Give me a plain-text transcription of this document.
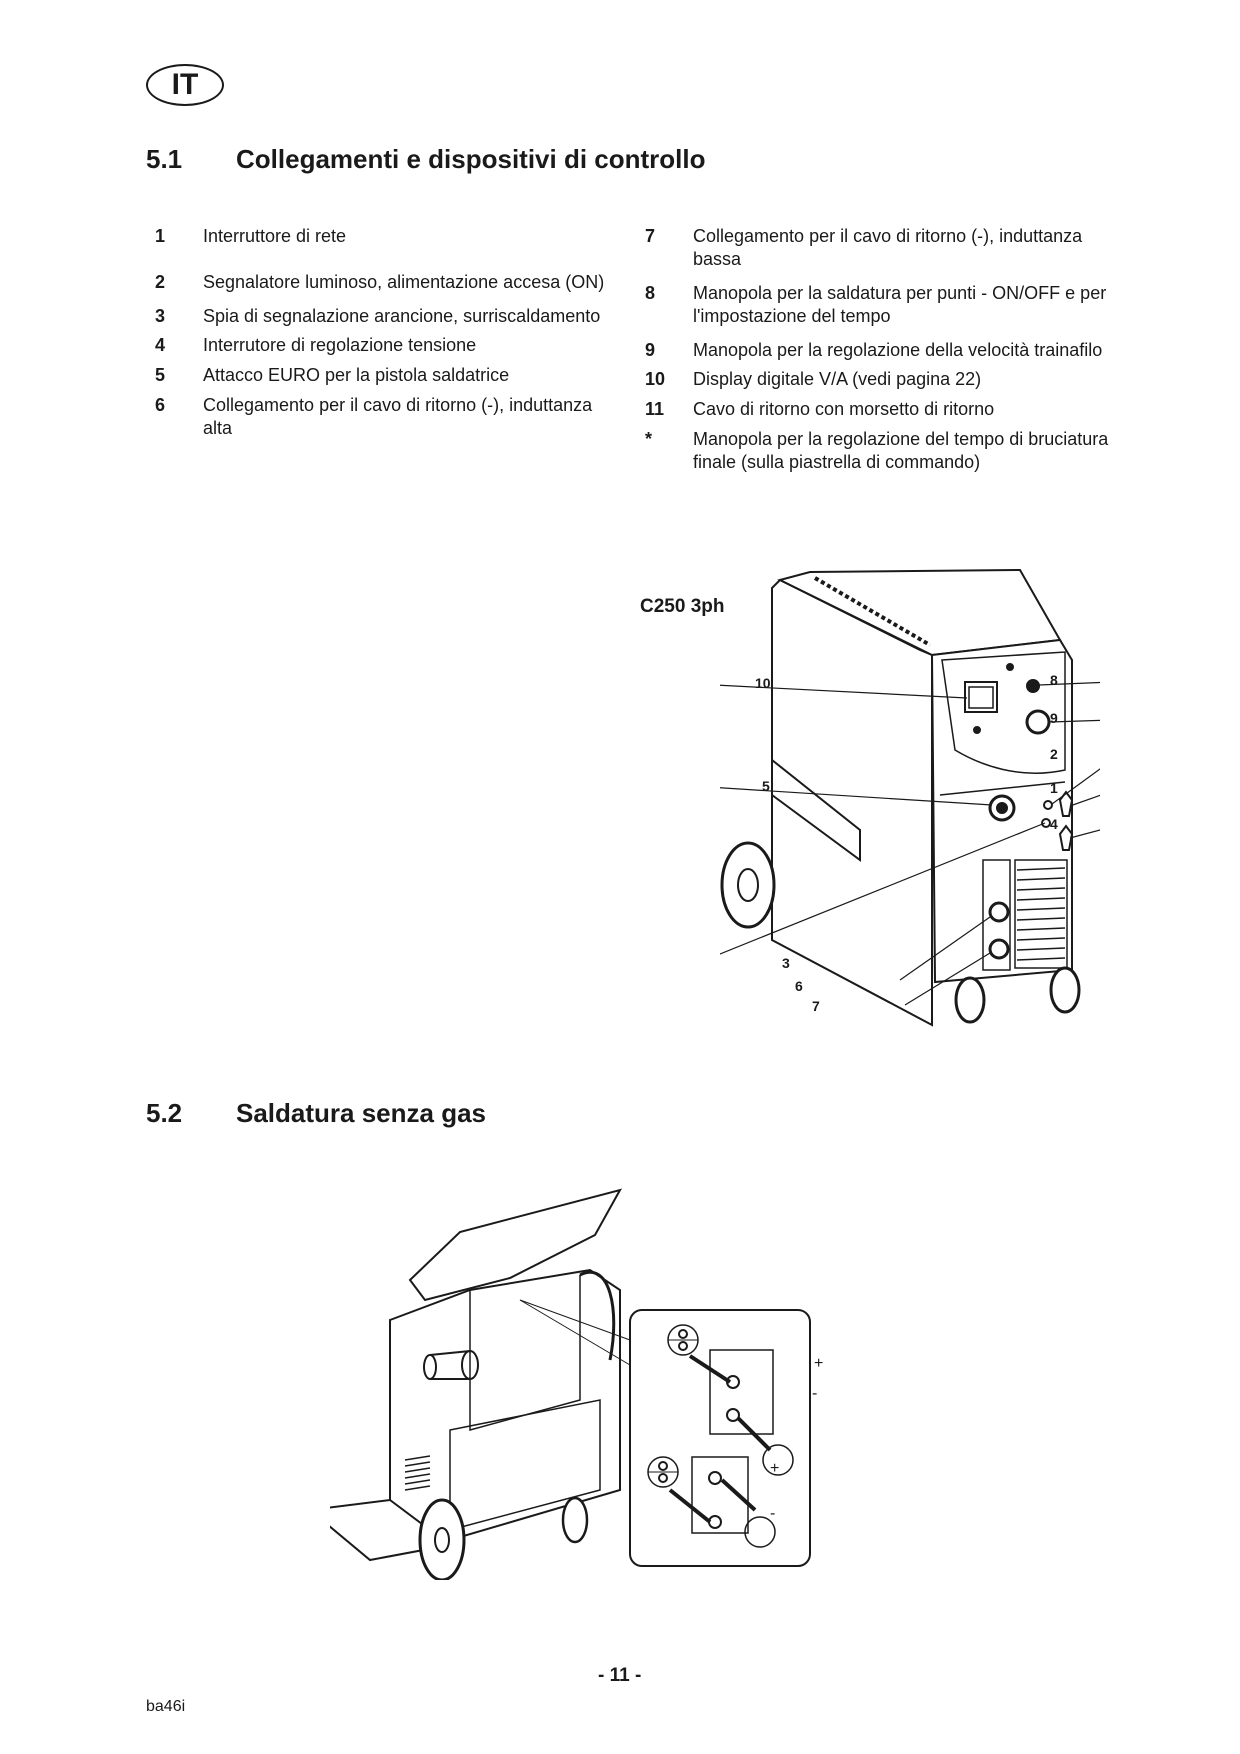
IT
5.1	Collegamenti e dispositivi di controllo
1	Interruttore di rete
2	Segnalatore luminoso, alimentazione accesa (ON)
3	Spia di segnalazione arancione, surriscaldamento
4	Interrutore di regolazione tensione
5	Attacco EURO per la pistola saldatrice
6	Collegamento per il cavo di ritorno (-), induttanza alta
7	Collegamento per il cavo di ritorno (-), induttanza bassa
8	Manopola per la saldatura per punti - ON/OFF e per l'impostazione del tempo
9	Manopola per la regolazione della velocità trainafilo
10	Display digitale V/A (vedi pagina 22)
11	Cavo di ritorno con morsetto di ritorno
*	Manopola per la regolazione del tempo di bruciatura finale (sulla piastrella di commando)
C250 3ph
10	8
9
2
5	1
4
3
6
7
5.2	Saldatura senza gas
+
-
+
-
- 11 -
ba46i
